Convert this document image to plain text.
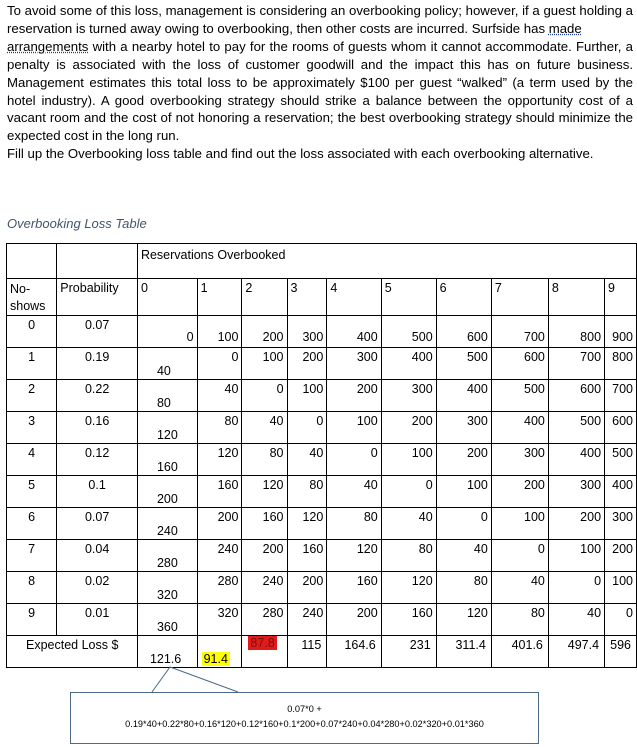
To avoid some of this loss, management is considering an overbooking policy; however, if a guest holding a reservation is turned away owing to overbooking, then other costs are incurred. Surfside has made
arrangements with a nearby hotel to pay for the rooms of guests whom it cannot accommodate. Further, a penalty is associated with the loss of customer goodwill and the impact this has on future business. Management estimates this total loss to be approximately $100 per guest “walked” (a term used by the hotel industry). A good overbooking strategy should strike a balance between the opportunity cost of a vacant room and the cost of not honoring a reservation; the best overbooking strategy should minimize the expected cost in the long run.

Fill up the Overbooking loss table and find out the loss associated with each overbooking alternative.

Overbooking Loss Table
		Reservations Overbooked									
No-shows	Probability	0	1	2	3	4	5	6	7	8	9
0	0.07	0	100	200	300	400	500	600	700	800	900
1	0.19	40	0	100	200	300	400	500	600	700	800
2	0.22	80	40	0	100	200	300	400	500	600	700
3	0.16	120	80	40	0	100	200	300	400	500	600
4	0.12	160	120	80	40	0	100	200	300	400	500
5	0.1	200	160	120	80	40	0	100	200	300	400
6	0.07	240	200	160	120	80	40	0	100	200	300
7	0.04	280	240	200	160	120	80	40	0	100	200
8	0.02	320	280	240	200	160	120	80	40	0	100
9	0.01	360	320	280	240	200	160	120	80	40	0
Expected Loss $		121.6	91.4	87.8	115	164.6	231	311.4	401.6	497.4	596
0.07*0 +
0.19*40+0.22*80+0.16*120+0.12*160+0.1*200+0.07*240+0.04*280+0.02*320+0.01*360
